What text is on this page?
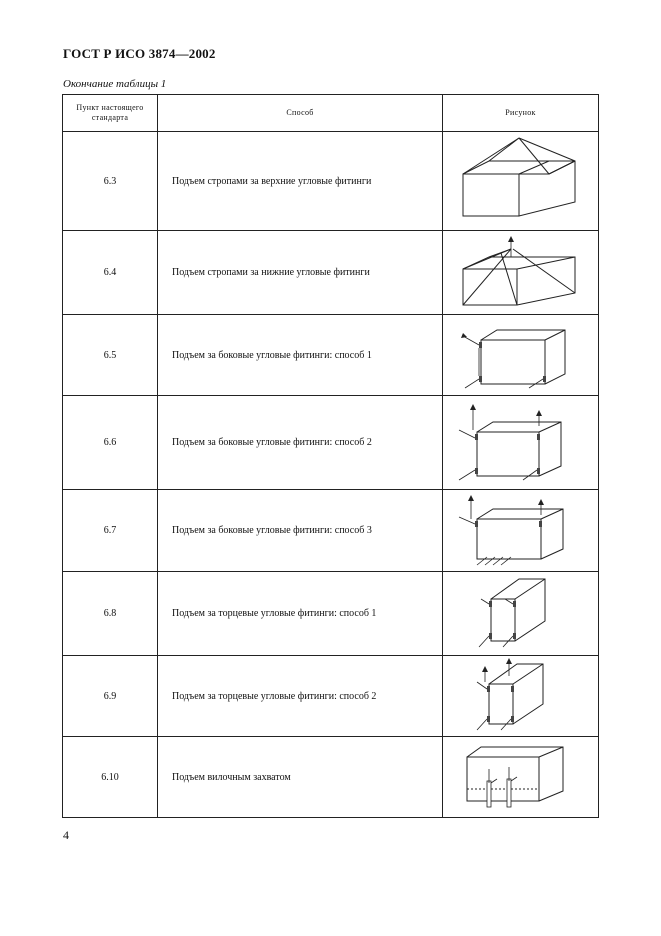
ГОСТ Р ИСО 3874—2002
Окончание таблицы 1
Пункт настоящего стандарта	Способ	Рисунок
6.3	Подъем стропами за верхние угловые фитинги	

6.4	Подъем стропами за нижние угловые фитинги	

6.5	Подъем за боковые угловые фитинги: способ 1	

6.6	Подъем за боковые угловые фитинги: способ 2	

6.7	Подъем за боковые угловые фитинги: способ 3	

6.8	Подъем за торцевые угловые фитинги: способ 1	

6.9	Подъем за торцевые угловые фитинги: способ 2	

6.10	Подъем вилочным захватом	
4
